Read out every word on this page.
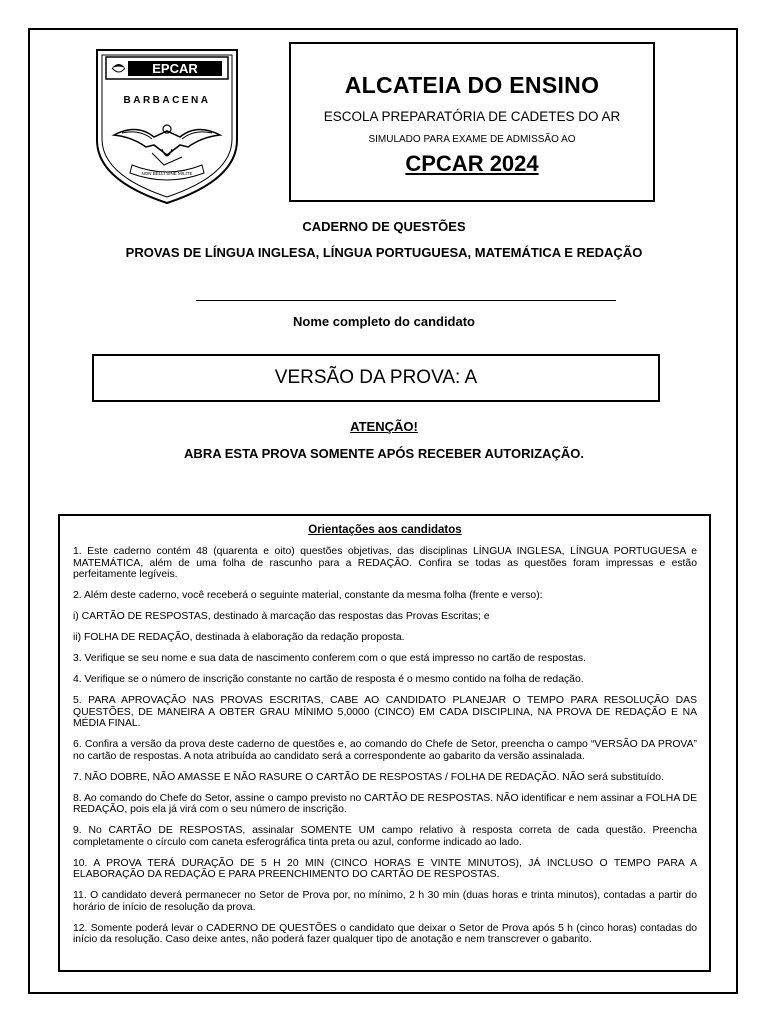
EPCAR
BARBACENA
NON BELLI SINE MILITE
ALCATEIA DO ENSINO
ESCOLA PREPARATÓRIA DE CADETES DO AR
SIMULADO PARA EXAME DE ADMISSÃO AO
CPCAR 2024
CADERNO DE QUESTÕES
PROVAS DE LÍNGUA INGLESA, LÍNGUA PORTUGUESA, MATEMÁTICA E REDAÇÃO
Nome completo do candidato
VERSÃO DA PROVA: A
ATENÇÃO!
ABRA ESTA PROVA SOMENTE APÓS RECEBER AUTORIZAÇÃO.
Orientações aos candidatos

1. Este caderno contém 48 (quarenta e oito) questões objetivas, das disciplinas LÍNGUA INGLESA, LÍNGUA PORTUGUESA e MATEMÁTICA, além de uma folha de rascunho para a REDAÇÃO. Confira se todas as questões foram impressas e estão perfeitamente legíveis.

2. Além deste caderno, você receberá o seguinte material, constante da mesma folha (frente e verso):

i) CARTÃO DE RESPOSTAS, destinado à marcação das respostas das Provas Escritas; e

ii) FOLHA DE REDAÇÃO, destinada à elaboração da redação proposta.

3. Verifique se seu nome e sua data de nascimento conferem com o que está impresso no cartão de respostas.

4. Verifique se o número de inscrição constante no cartão de resposta é o mesmo contido na folha de redação.

5. PARA APROVAÇÃO NAS PROVAS ESCRITAS, CABE AO CANDIDATO PLANEJAR O TEMPO PARA RESOLUÇÃO DAS QUESTÕES, DE MANEIRA A OBTER GRAU MÍNIMO 5,0000 (CINCO) EM CADA DISCIPLINA, NA PROVA DE REDAÇÃO E NA MÉDIA FINAL.

6. Confira a versão da prova deste caderno de questões e, ao comando do Chefe de Setor, preencha o campo “VERSÃO DA PROVA” no cartão de respostas. A nota atribuída ao candidato será a correspondente ao gabarito da versão assinalada.

7. NÃO DOBRE, NÃO AMASSE E NÃO RASURE O CARTÃO DE RESPOSTAS / FOLHA DE REDAÇÃO. NÃO será substituído.

8. Ao comando do Chefe do Setor, assine o campo previsto no CARTÃO DE RESPOSTAS. NÃO identificar e nem assinar a FOLHA DE REDAÇÃO, pois ela já virá com o seu número de inscrição.

9. No CARTÃO DE RESPOSTAS, assinalar SOMENTE UM campo relativo à resposta correta de cada questão. Preencha completamente o círculo com caneta esferográfica tinta preta ou azul, conforme indicado ao lado.

10. A PROVA TERÁ DURAÇÃO DE 5 H 20 MIN (CINCO HORAS E VINTE MINUTOS), JÁ INCLUSO O TEMPO PARA A ELABORAÇÃO DA REDAÇÃO E PARA PREENCHIMENTO DO CARTÃO DE RESPOSTAS.

11. O candidato deverá permanecer no Setor de Prova por, no mínimo, 2 h 30 min (duas horas e trinta minutos), contadas a partir do horário de início de resolução da prova.

12. Somente poderá levar o CADERNO DE QUESTÕES o candidato que deixar o Setor de Prova após 5 h (cinco horas) contadas do início da resolução. Caso deixe antes, não poderá fazer qualquer tipo de anotação e nem transcrever o gabarito.
